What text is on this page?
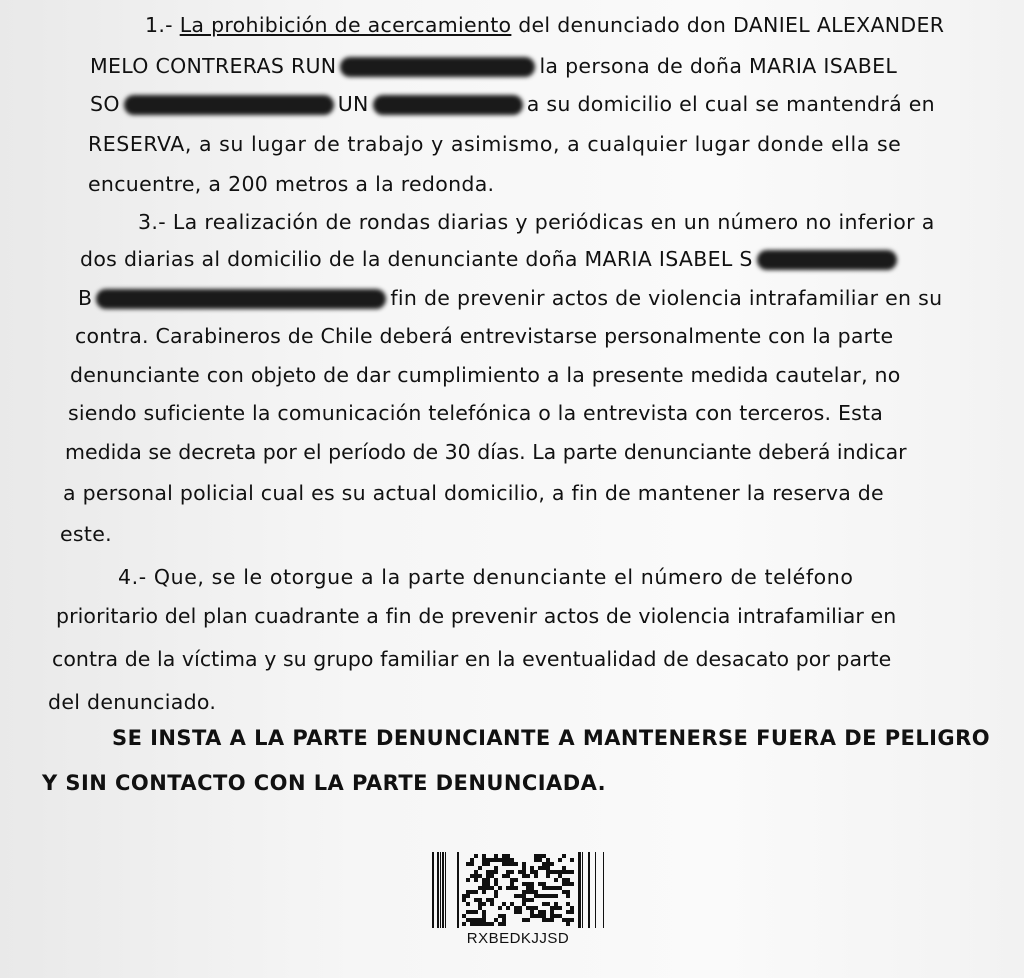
1.- La prohibición de acercamiento del denunciado don DANIEL ALEXANDER
MELO CONTRERAS RUN	la persona de doña MARIA ISABEL
SO	UN	a su domicilio el cual se mantendrá en
RESERVA, a su lugar de trabajo y asimismo, a cualquier lugar donde ella se
encuentre, a 200 metros a la redonda.
3.- La realización de rondas diarias y periódicas en un número no inferior a
dos diarias al domicilio de la denunciante doña MARIA ISABEL S
B	fin de prevenir actos de violencia intrafamiliar en su
contra. Carabineros de Chile deberá entrevistarse personalmente con la parte
denunciante con objeto de dar cumplimiento a la presente medida cautelar, no
siendo suficiente la comunicación telefónica o la entrevista con terceros. Esta
medida se decreta por el período de 30 días. La parte denunciante deberá indicar
a personal policial cual es su actual domicilio, a fin de mantener la reserva de
este.
4.- Que, se le otorgue a la parte denunciante el número de teléfono
prioritario del plan cuadrante a fin de prevenir actos de violencia intrafamiliar en
contra de la víctima y su grupo familiar en la eventualidad de desacato por parte
del denunciado.
SE INSTA A LA PARTE DENUNCIANTE A MANTENERSE FUERA DE PELIGRO
Y SIN CONTACTO CON LA PARTE DENUNCIADA.
RXBEDKJJSD
